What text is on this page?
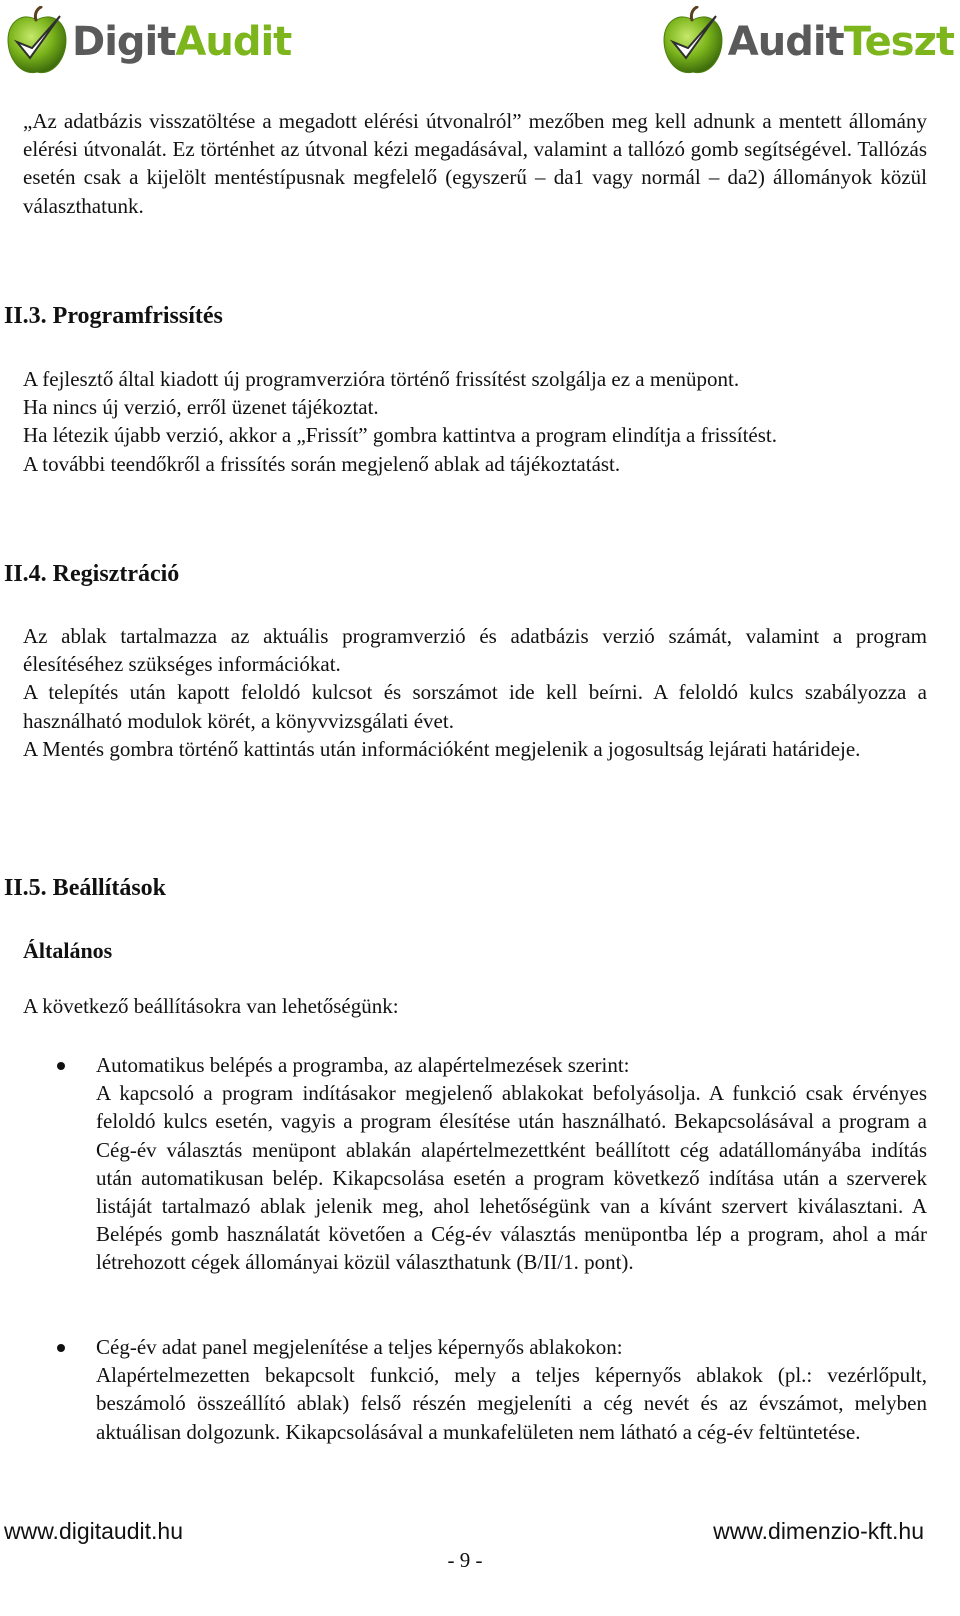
DigitAudit	AuditTeszt

„Az adatbázis visszatöltése a megadott elérési útvonalról” mezőben meg kell adnunk a mentett állomány elérési útvonalát. Ez történhet az útvonal kézi megadásával, valamint a tallózó gomb segítségével. Tallózás esetén csak a kijelölt mentéstípusnak megfelelő (egyszerű – da1 vagy normál – da2) állományok közül választhatunk.

II.3. Programfrissítés

A fejlesztő által kiadott új programverzióra történő frissítést szolgálja ez a menüpont.

Ha nincs új verzió, erről üzenet tájékoztat.

Ha létezik újabb verzió, akkor a „Frissít” gombra kattintva a program elindítja a frissítést.

A további teendőkről a frissítés során megjelenő ablak ad tájékoztatást.

II.4. Regisztráció

Az ablak tartalmazza az aktuális programverzió és adatbázis verzió számát, valamint a program élesítéséhez szükséges információkat.

A telepítés után kapott feloldó kulcsot és sorszámot ide kell beírni. A feloldó kulcs szabályozza a használható modulok körét, a könyvvizsgálati évet.

A Mentés gombra történő kattintás után információként megjelenik a jogosultság lejárati határideje.

II.5. Beállítások
Általános

A következő beállításokra van lehetőségünk:

Automatikus belépés a programba, az alapértelmezések szerint:

A kapcsoló a program indításakor megjelenő ablakokat befolyásolja. A funkció csak érvényes feloldó kulcs esetén, vagyis a program élesítése után használható. Bekapcsolásával a program a Cég-év választás menüpont ablakán alapértelmezettként beállított cég adatállományába indítás után automatikusan belép. Kikapcsolása esetén a program következő indítása után a szerverek listáját tartalmazó ablak jelenik meg, ahol lehetőségünk van a kívánt szervert kiválasztani. A Belépés gomb használatát követően a Cég-év választás menüpontba lép a program, ahol a már létrehozott cégek állományai közül választhatunk (B/II/1. pont).

Cég-év adat panel megjelenítése a teljes képernyős ablakokon:

Alapértelmezetten bekapcsolt funkció, mely a teljes képernyős ablakok (pl.: vezérlőpult, beszámoló összeállító ablak) felső részén megjeleníti a cég nevét és az évszámot, melyben aktuálisan dolgozunk. Kikapcsolásával a munkafelületen nem látható a cég-év feltüntetése.

www.digitaudit.hu	www.dimenzio-kft.hu
- 9 -
